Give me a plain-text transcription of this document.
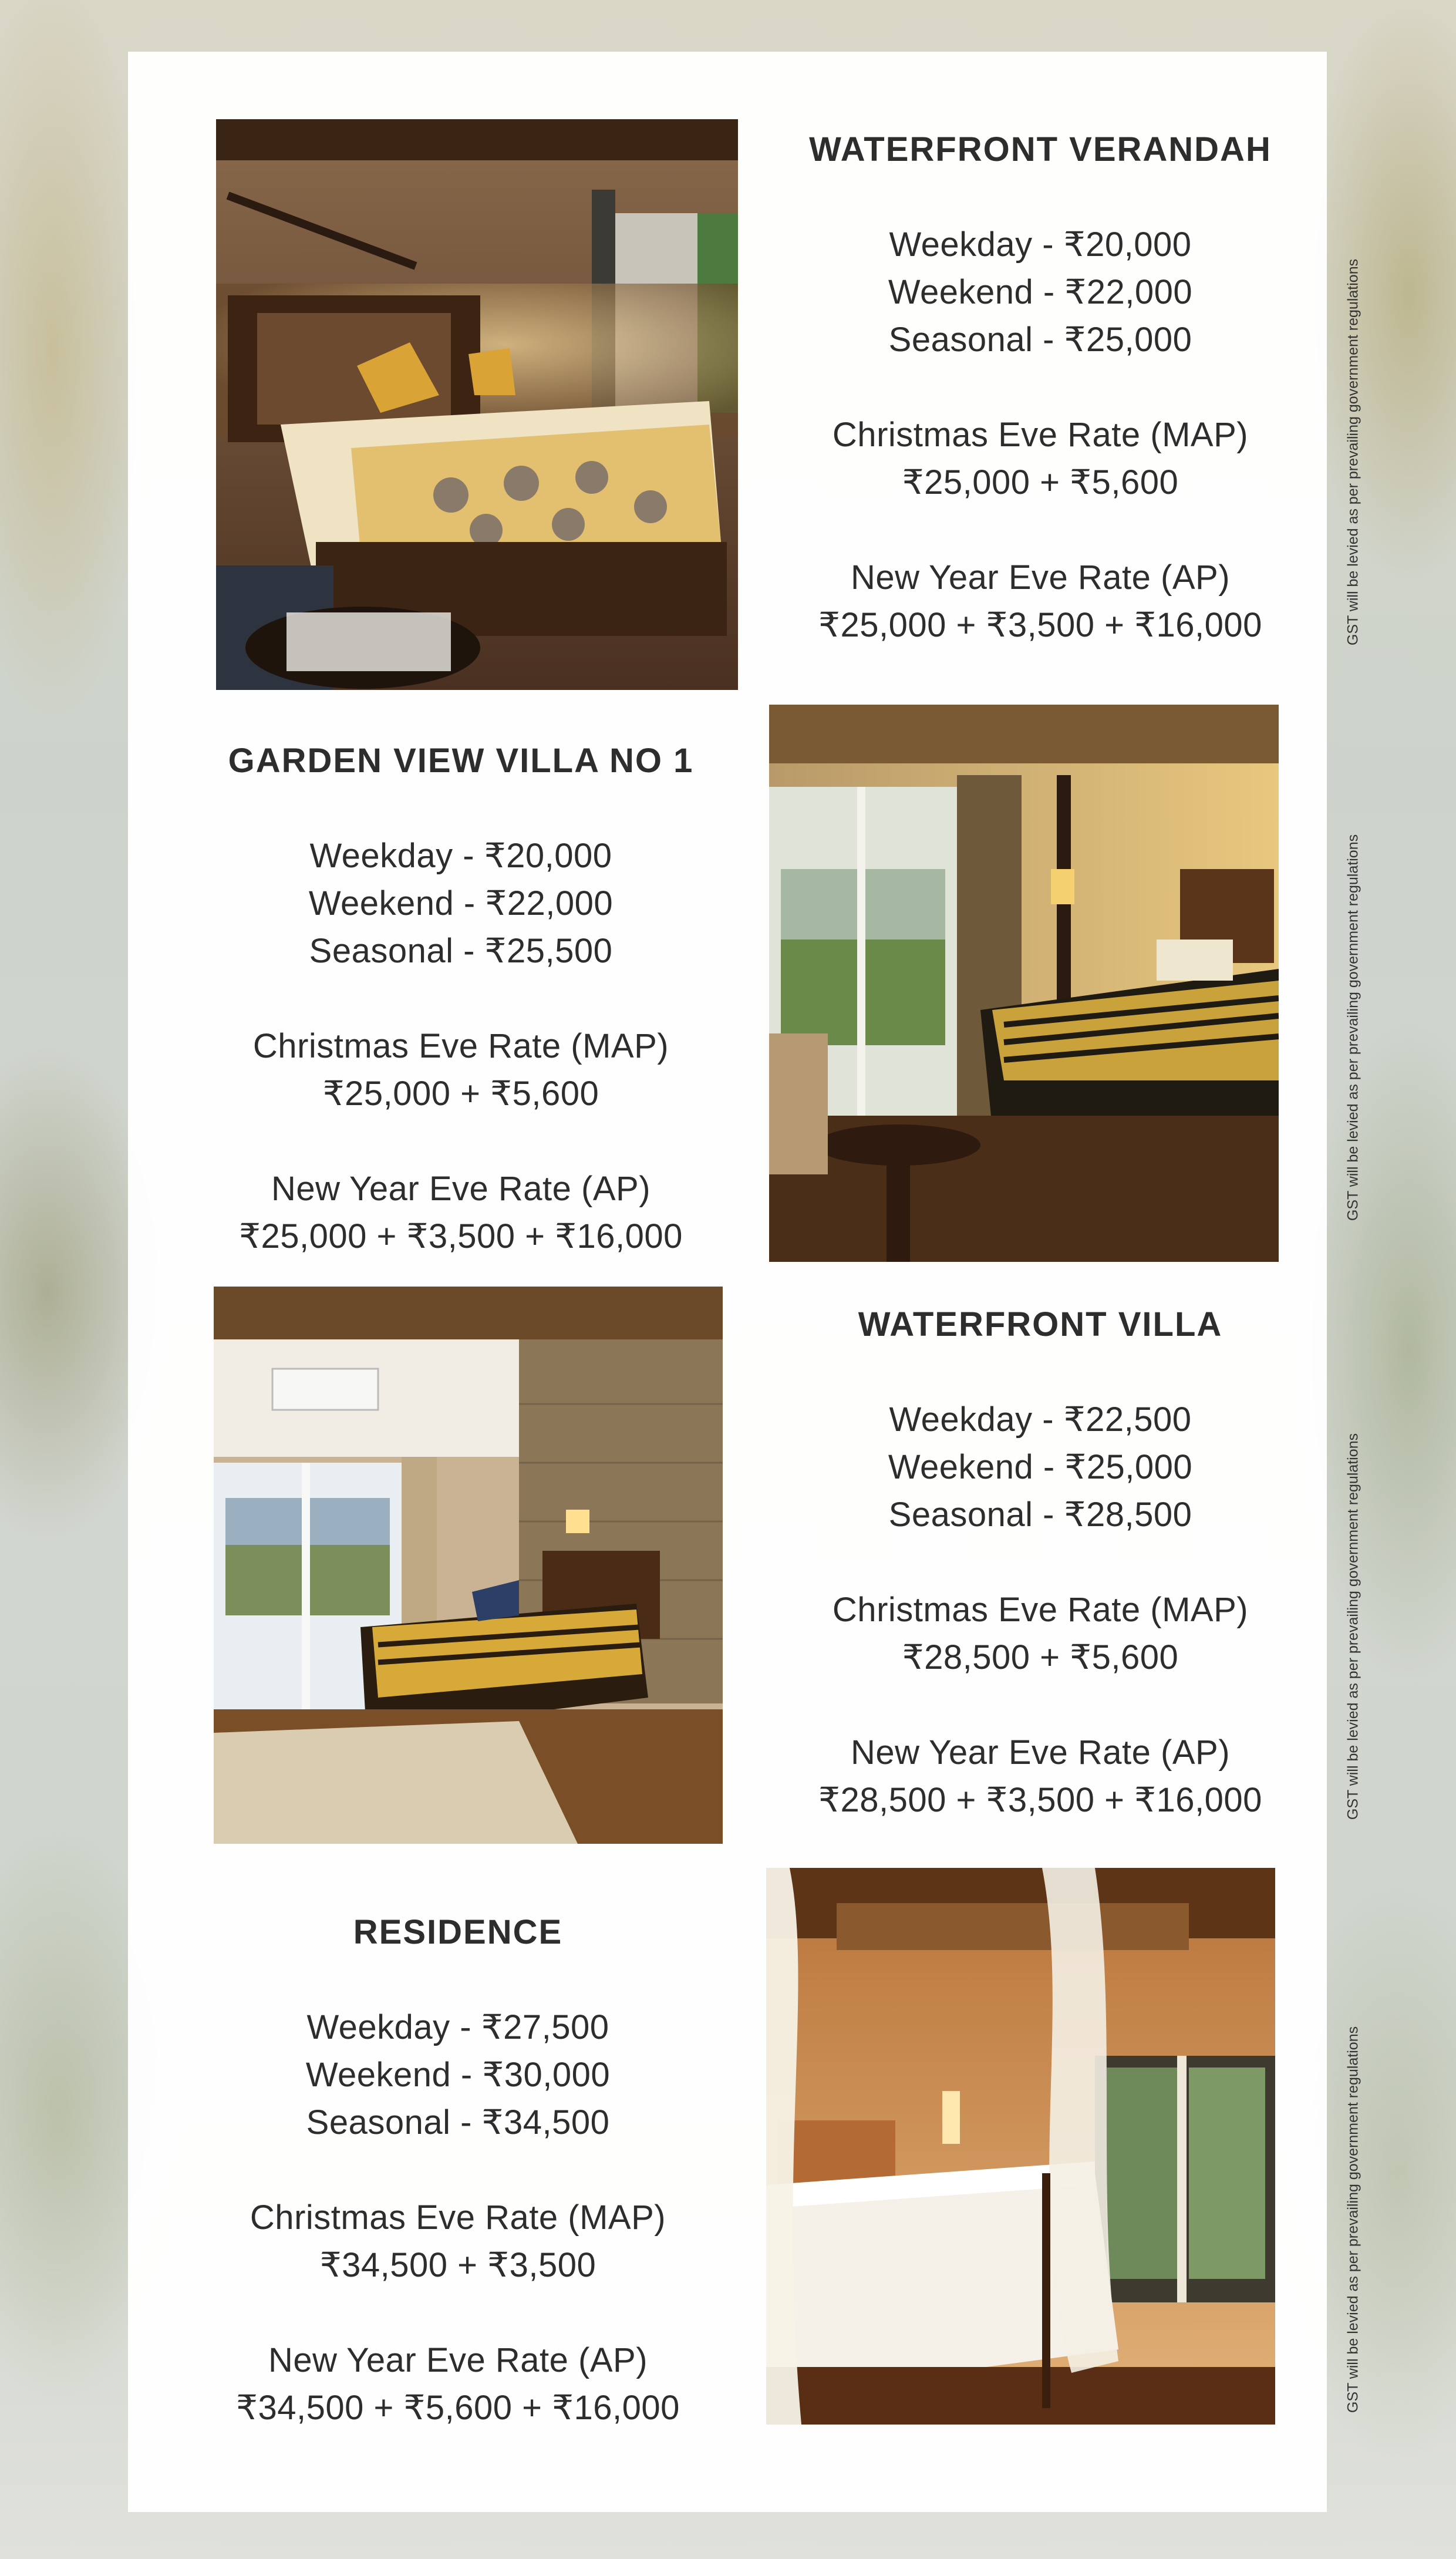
WATERFRONT VERANDAH
Weekday - ₹20,000
Weekend - ₹22,000
Seasonal - ₹25,000
Christmas Eve Rate (MAP)
₹25,000 + ₹5,600
New Year Eve Rate (AP)
₹25,000 + ₹3,500 + ₹16,000	GST will be levied as per prevailing government regulations
GARDEN VIEW VILLA NO 1
Weekday - ₹20,000
Weekend - ₹22,000
Seasonal - ₹25,500
Christmas Eve Rate (MAP)
₹25,000 + ₹5,600
New Year Eve Rate (AP)
₹25,000 + ₹3,500 + ₹16,000
GST will be levied as per prevailing government regulations
WATERFRONT VILLA
Weekday - ₹22,500
Weekend - ₹25,000
Seasonal - ₹28,500
Christmas Eve Rate (MAP)
₹28,500 + ₹5,600
New Year Eve Rate (AP)
₹28,500 + ₹3,500 + ₹16,000	GST will be levied as per prevailing government regulations
RESIDENCE
Weekday - ₹27,500
Weekend - ₹30,000
Seasonal - ₹34,500
Christmas Eve Rate (MAP)
₹34,500 + ₹3,500
New Year Eve Rate (AP)
₹34,500 + ₹5,600 + ₹16,000	GST will be levied as per prevailing government regulations
